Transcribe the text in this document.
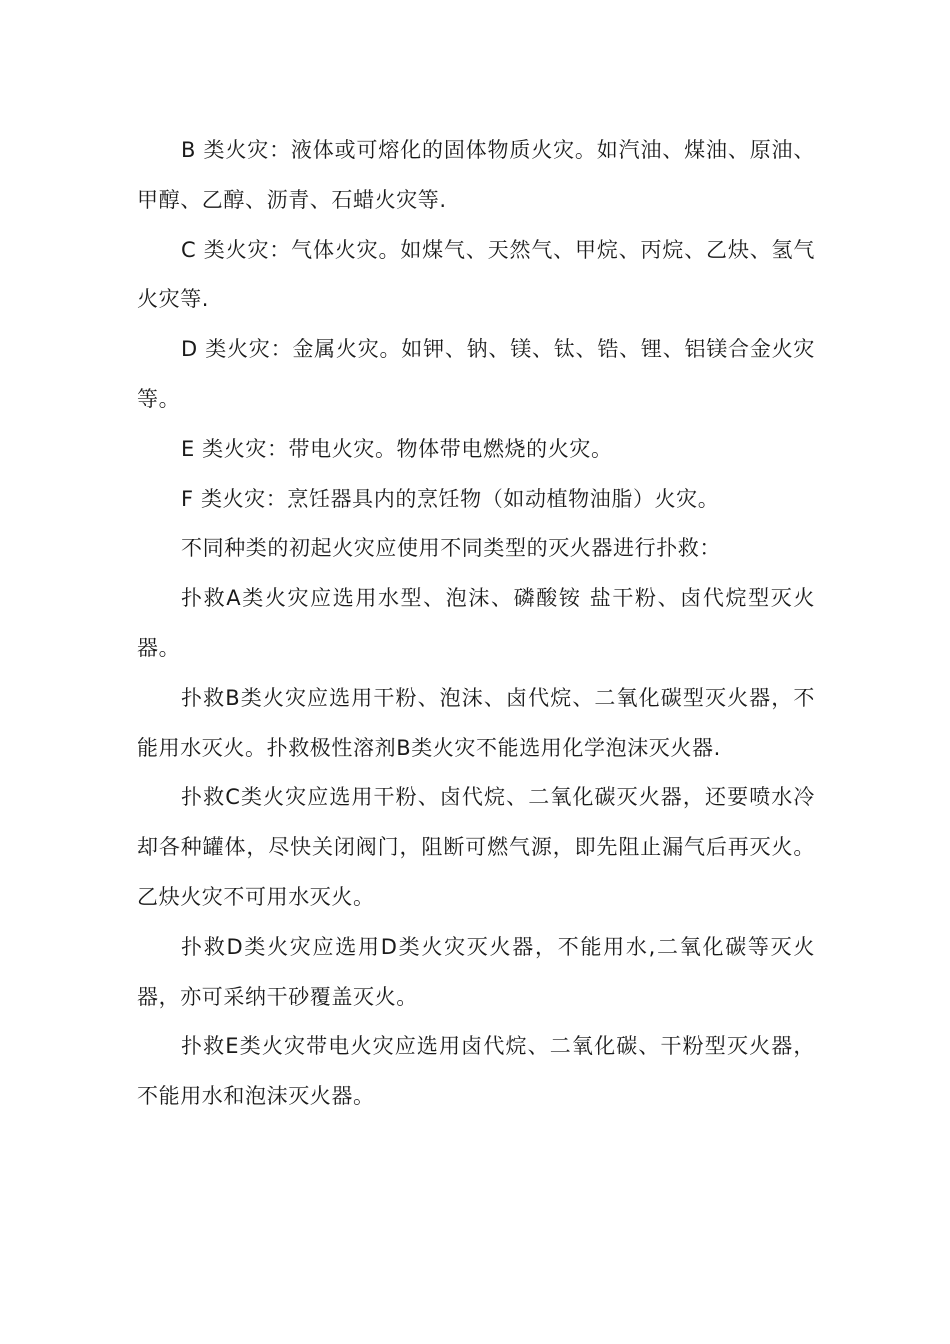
B 类火灾：液体或可熔化的固体物质火灾。如汽油、煤油、原油、甲醇、乙醇、沥青、石蜡火灾等.

C 类火灾：气体火灾。如煤气、天然气、甲烷、丙烷、乙炔、氢气火灾等.

D 类火灾：金属火灾。如钾、钠、镁、钛、锆、锂、铝镁合金火灾等。

E 类火灾：带电火灾。物体带电燃烧的火灾。

F 类火灾：烹饪器具内的烹饪物（如动植物油脂）火灾。

不同种类的初起火灾应使用不同类型的灭火器进行扑救：

扑救A类火灾应选用水型、泡沫、磷酸铵 盐干粉、卤代烷型灭火器。

扑救B类火灾应选用干粉、泡沫、卤代烷、二氧化碳型灭火器，不能用水灭火。扑救极性溶剂B类火灾不能选用化学泡沫灭火器.

扑救C类火灾应选用干粉、卤代烷、二氧化碳灭火器，还要喷水冷却各种罐体，尽快关闭阀门，阻断可燃气源，即先阻止漏气后再灭火。乙炔火灾不可用水灭火。

扑救D类火灾应选用D类火灾灭火器，不能用水,二氧化碳等灭火器，亦可采纳干砂覆盖灭火。

扑救E类火灾带电火灾应选用卤代烷、二氧化碳、干粉型灭火器，不能用水和泡沫灭火器。
